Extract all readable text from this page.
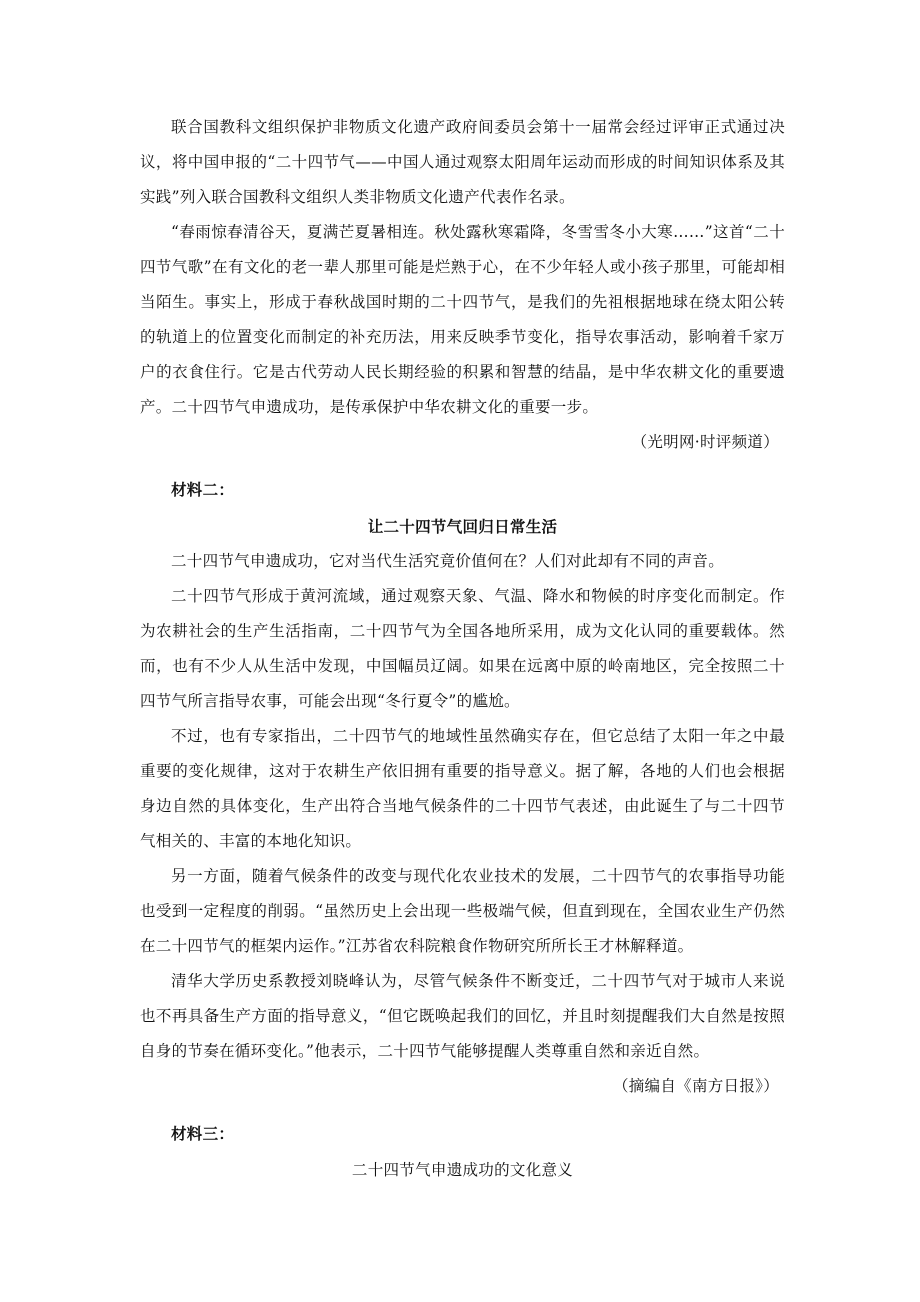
联合国教科文组织保护非物质文化遗产政府间委员会第十一届常会经过评审正式通过决议，将中国申报的“二十四节气——中国人通过观察太阳周年运动而形成的时间知识体系及其实践”列入联合国教科文组织人类非物质文化遗产代表作名录。

“春雨惊春清谷天，夏满芒夏暑相连。秋处露秋寒霜降，冬雪雪冬小大寒……”这首“二十四节气歌”在有文化的老一辈人那里可能是烂熟于心，在不少年轻人或小孩子那里，可能却相当陌生。事实上，形成于春秋战国时期的二十四节气，是我们的先祖根据地球在绕太阳公转的轨道上的位置变化而制定的补充历法，用来反映季节变化，指导农事活动，影响着千家万户的衣食住行。它是古代劳动人民长期经验的积累和智慧的结晶，是中华农耕文化的重要遗产。二十四节气申遗成功，是传承保护中华农耕文化的重要一步。

（光明网·时评频道）

材料二：

让二十四节气回归日常生活

二十四节气申遗成功，它对当代生活究竟价值何在？人们对此却有不同的声音。

二十四节气形成于黄河流域，通过观察天象、气温、降水和物候的时序变化而制定。作为农耕社会的生产生活指南，二十四节气为全国各地所采用，成为文化认同的重要载体。然而，也有不少人从生活中发现，中国幅员辽阔。如果在远离中原的岭南地区，完全按照二十四节气所言指导农事，可能会出现“冬行夏令”的尴尬。

不过，也有专家指出，二十四节气的地域性虽然确实存在，但它总结了太阳一年之中最重要的变化规律，这对于农耕生产依旧拥有重要的指导意义。据了解，各地的人们也会根据身边自然的具体变化，生产出符合当地气候条件的二十四节气表述，由此诞生了与二十四节气相关的、丰富的本地化知识。

另一方面，随着气候条件的改变与现代化农业技术的发展，二十四节气的农事指导功能也受到一定程度的削弱。“虽然历史上会出现一些极端气候，但直到现在，全国农业生产仍然在二十四节气的框架内运作。”江苏省农科院粮食作物研究所所长王才林解释道。

清华大学历史系教授刘晓峰认为，尽管气候条件不断变迁，二十四节气对于城市人来说也不再具备生产方面的指导意义，“但它既唤起我们的回忆，并且时刻提醒我们大自然是按照自身的节奏在循环变化。”他表示，二十四节气能够提醒人类尊重自然和亲近自然。

（摘编自《南方日报》）

材料三：

二十四节气申遗成功的文化意义
